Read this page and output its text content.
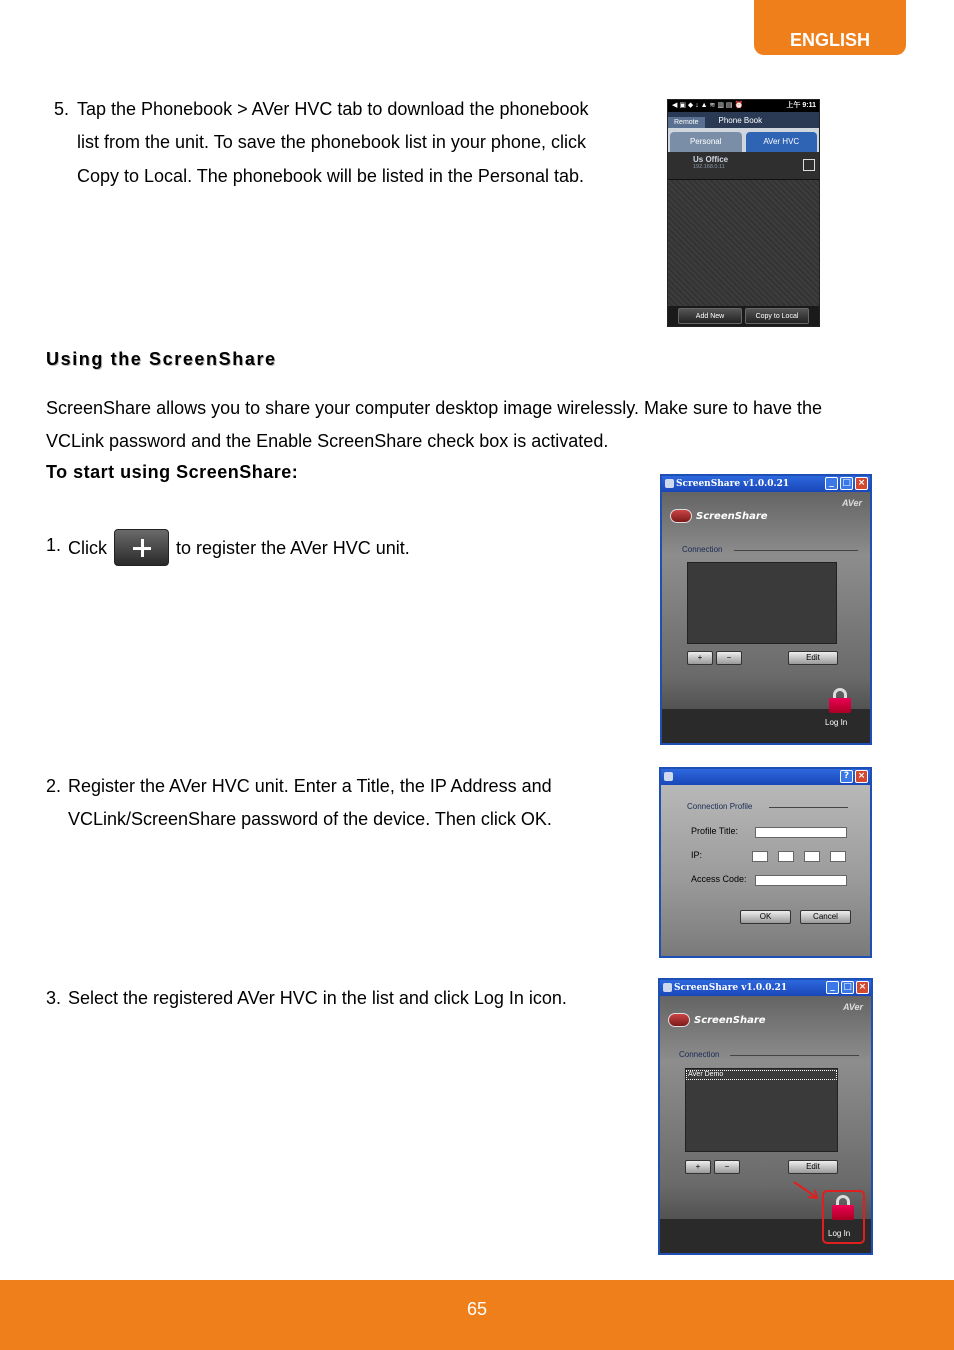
ENGLISH
5. Tap the Phonebook > AVer HVC tab to download the phonebook
list from the unit. To save the phonebook list in your phone, click
Copy to Local. The phonebook will be listed in the Personal tab.
◀ ▣ ◆ ↓ ▲ ≋ ▥ ▤ ⏰	上午 9:11
Remote	Phone Book
Personal	AVer HVC
Us Office
192.168.0.11
Add New	Copy to Local
Using the ScreenShare
ScreenShare allows you to share your computer desktop image wirelessly. Make sure to have the
VCLink password and the Enable ScreenShare check box is activated.
To start using ScreenShare:
1. Click	to register the AVer HVC unit.
ScreenShare v1.0.0.21	_ □ ×
ScreenShare
AVer
Connection
+	−	Edit
Log In
2. Register the AVer HVC unit. Enter a Title, the IP Address and
VCLink/ScreenShare password of the device. Then click OK.
? ×
Connection Profile
Profile Title:
IP:
Access Code:
OK	Cancel
3. Select the registered AVer HVC in the list and click Log In icon.	ScreenShare v1.0.0.21	_ □ ×
ScreenShare
AVer
Connection
AVer Demo
+	−	Edit
Log In
65
